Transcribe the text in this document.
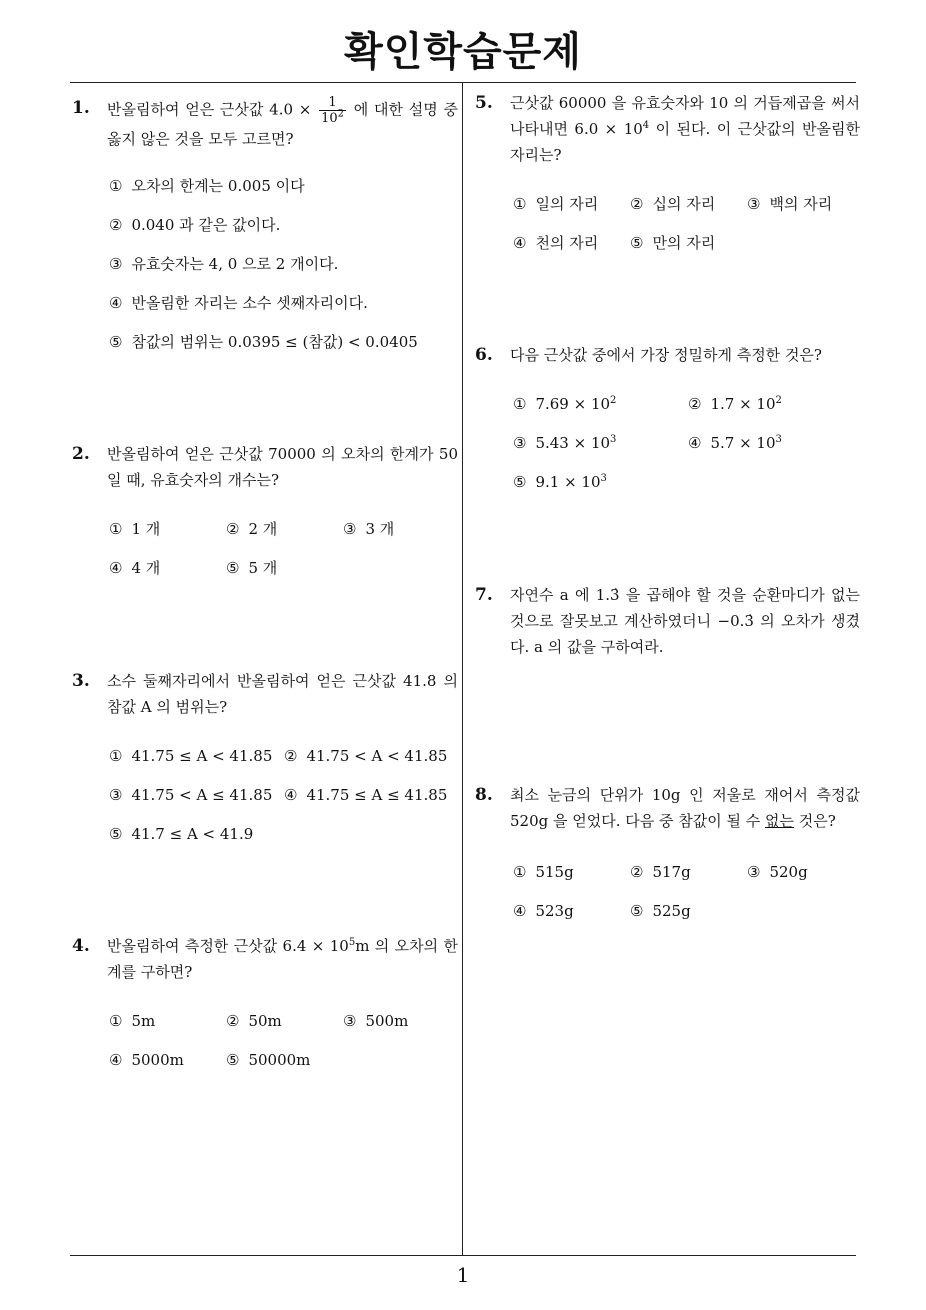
확인학습문제
1
1. 반올림하여 얻은 근삿값 $4.0 \times \frac{1}{10^2}$ 에 대한 설명 중 옳지 않은 것을 모두 고르면?
① 오차의 한계는 0.005 이다
② 0.040 과 같은 값이다.
③ 유효숫자는 4, 0 으로 2 개이다.
④ 반올림한 자리는 소수 셋째자리이다.
⑤ 참값의 범위는 0.0395 ≤ (참값) < 0.0405
2. 반올림하여 얻은 근삿값 70000 의 오차의 한계가 50 일 때, 유효숫자의 개수는?
① 1 개	② 2 개	③ 3 개
④ 4 개	⑤ 5 개
3. 소수 둘째자리에서 반올림하여 얻은 근삿값 41.8 의 참값 A 의 범위는?
① 41.75 ≤ A < 41.85 ② 41.75 < A < 41.85
③ 41.75 < A ≤ 41.85 ④ 41.75 ≤ A ≤ 41.85
⑤ 41.7 ≤ A < 41.9
4. 반올림하여 측정한 근삿값 $6.4 \times 10^5m$ 의 오차의 한계를 구하면?
① 5m	② 50m	③ 500m
④ 5000m	⑤ 50000m
5. 근삿값 60000 을 유효숫자와 10 의 거듭제곱을 써서 나타내면 $6.0 \times 10^4$ 이 된다. 이 근삿값의 반올림한 자리는?
① 일의 자리 ② 십의 자리 ③ 백의 자리
④ 천의 자리 ⑤ 만의 자리
6. 다음 근삿값 중에서 가장 정밀하게 측정한 것은?
① $7.69 \times 10^2$	② $1.7 \times 10^2$
③ $5.43 \times 10^3$	④ $5.7 \times 10^3$
⑤ $9.1 \times 10^3$
7. 자연수 a 에 1.3̇ 을 곱해야 할 것을 순환마디가 없는 것으로 잘못보고 계산하였더니 −0.3̇ 의 오차가 생겼다. a 의 값을 구하여라.
8. 최소 눈금의 단위가 10g 인 저울로 재어서 측정값 520g 을 얻었다. 다음 중 참값이 될 수 없는 것은?
① 515g	② 517g	③ 520g
④ 523g	⑤ 525g
